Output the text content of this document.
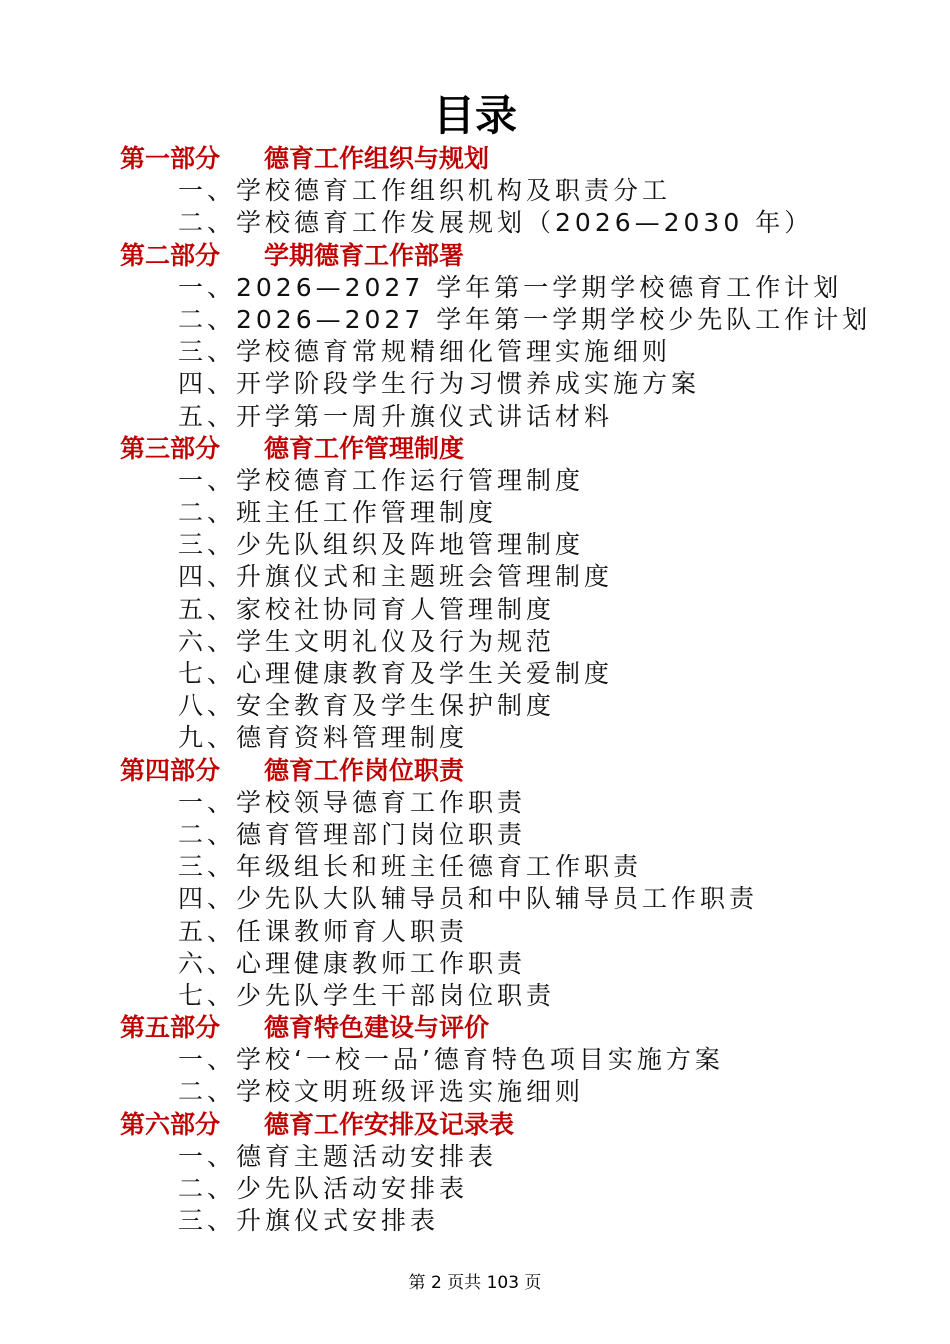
目录
第一部分 德育工作组织与规划
一、学校德育工作组织机构及职责分工
二、学校德育工作发展规划（2026—2030 年）
第二部分 学期德育工作部署
一、2026—2027 学年第一学期学校德育工作计划
二、2026—2027 学年第一学期学校少先队工作计划
三、学校德育常规精细化管理实施细则
四、开学阶段学生行为习惯养成实施方案
五、开学第一周升旗仪式讲话材料
第三部分 德育工作管理制度
一、学校德育工作运行管理制度
二、班主任工作管理制度
三、少先队组织及阵地管理制度
四、升旗仪式和主题班会管理制度
五、家校社协同育人管理制度
六、学生文明礼仪及行为规范
七、心理健康教育及学生关爱制度
八、安全教育及学生保护制度
九、德育资料管理制度
第四部分 德育工作岗位职责
一、学校领导德育工作职责
二、德育管理部门岗位职责
三、年级组长和班主任德育工作职责
四、少先队大队辅导员和中队辅导员工作职责
五、任课教师育人职责
六、心理健康教师工作职责
七、少先队学生干部岗位职责
第五部分 德育特色建设与评价
一、学校‘一校一品’德育特色项目实施方案
二、学校文明班级评选实施细则
第六部分 德育工作安排及记录表
一、德育主题活动安排表
二、少先队活动安排表
三、升旗仪式安排表
第 2 页共 103 页
